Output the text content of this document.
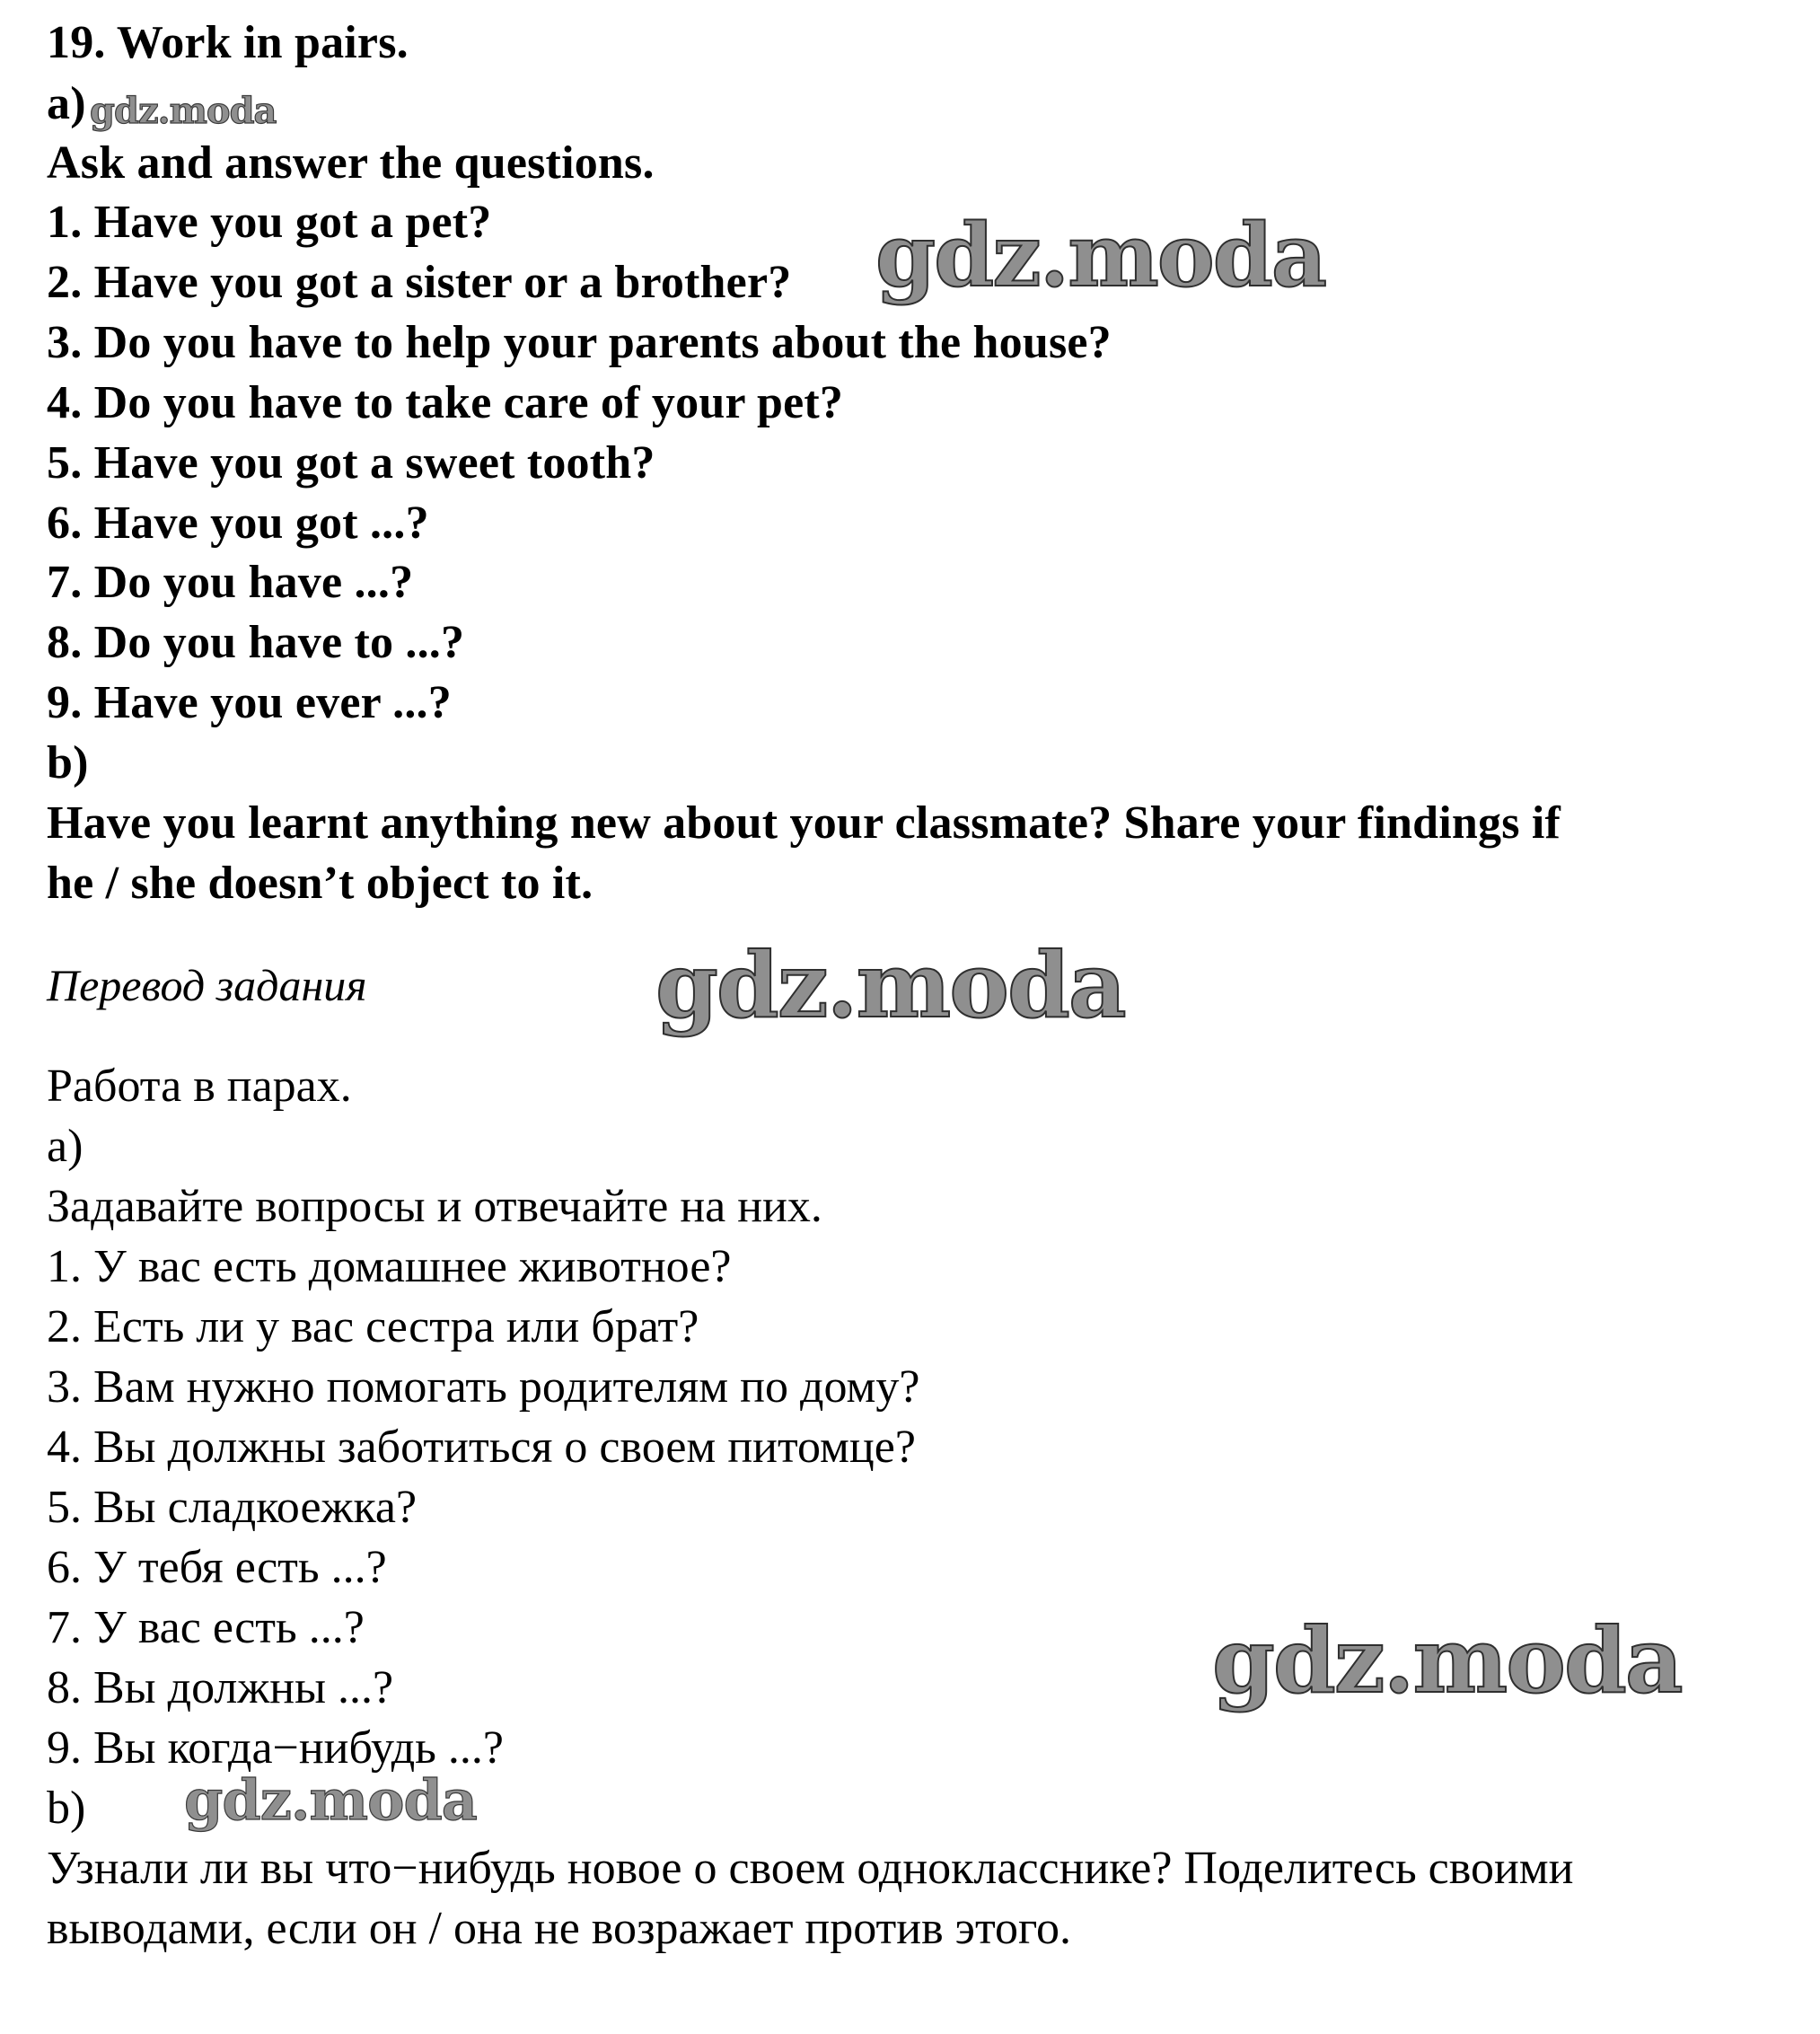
19. Work in pairs.

a)

Ask and answer the questions.

1. Have you got a pet?

2. Have you got a sister or a brother?

3. Do you have to help your parents about the house?

4. Do you have to take care of your pet?

5. Have you got a sweet tooth?

6. Have you got ...?

7. Do you have ...?

8. Do you have to ...?

9. Have you ever ...?

b)

Have you learnt anything new about your classmate? Share your findings if

he / she doesn’t object to it.

Перевод задания

Работа в парах.

a)

Задавайте вопросы и отвечайте на них.

1. У вас есть домашнее животное?

2. Есть ли у вас сестра или брат?

3. Вам нужно помогать родителям по дому?

4. Вы должны заботиться о своем питомце?

5. Вы сладкоежка?

6. У тебя есть ...?

7. У вас есть ...?

8. Вы должны ...?

9. Вы когда−нибудь ...?

b)

Узнали ли вы что−нибудь новое о своем однокласснике? Поделитесь своими

выводами, если он / она не возражает против этого.

gdz.moda
gdz.moda
gdz.moda
gdz.moda
gdz.moda
